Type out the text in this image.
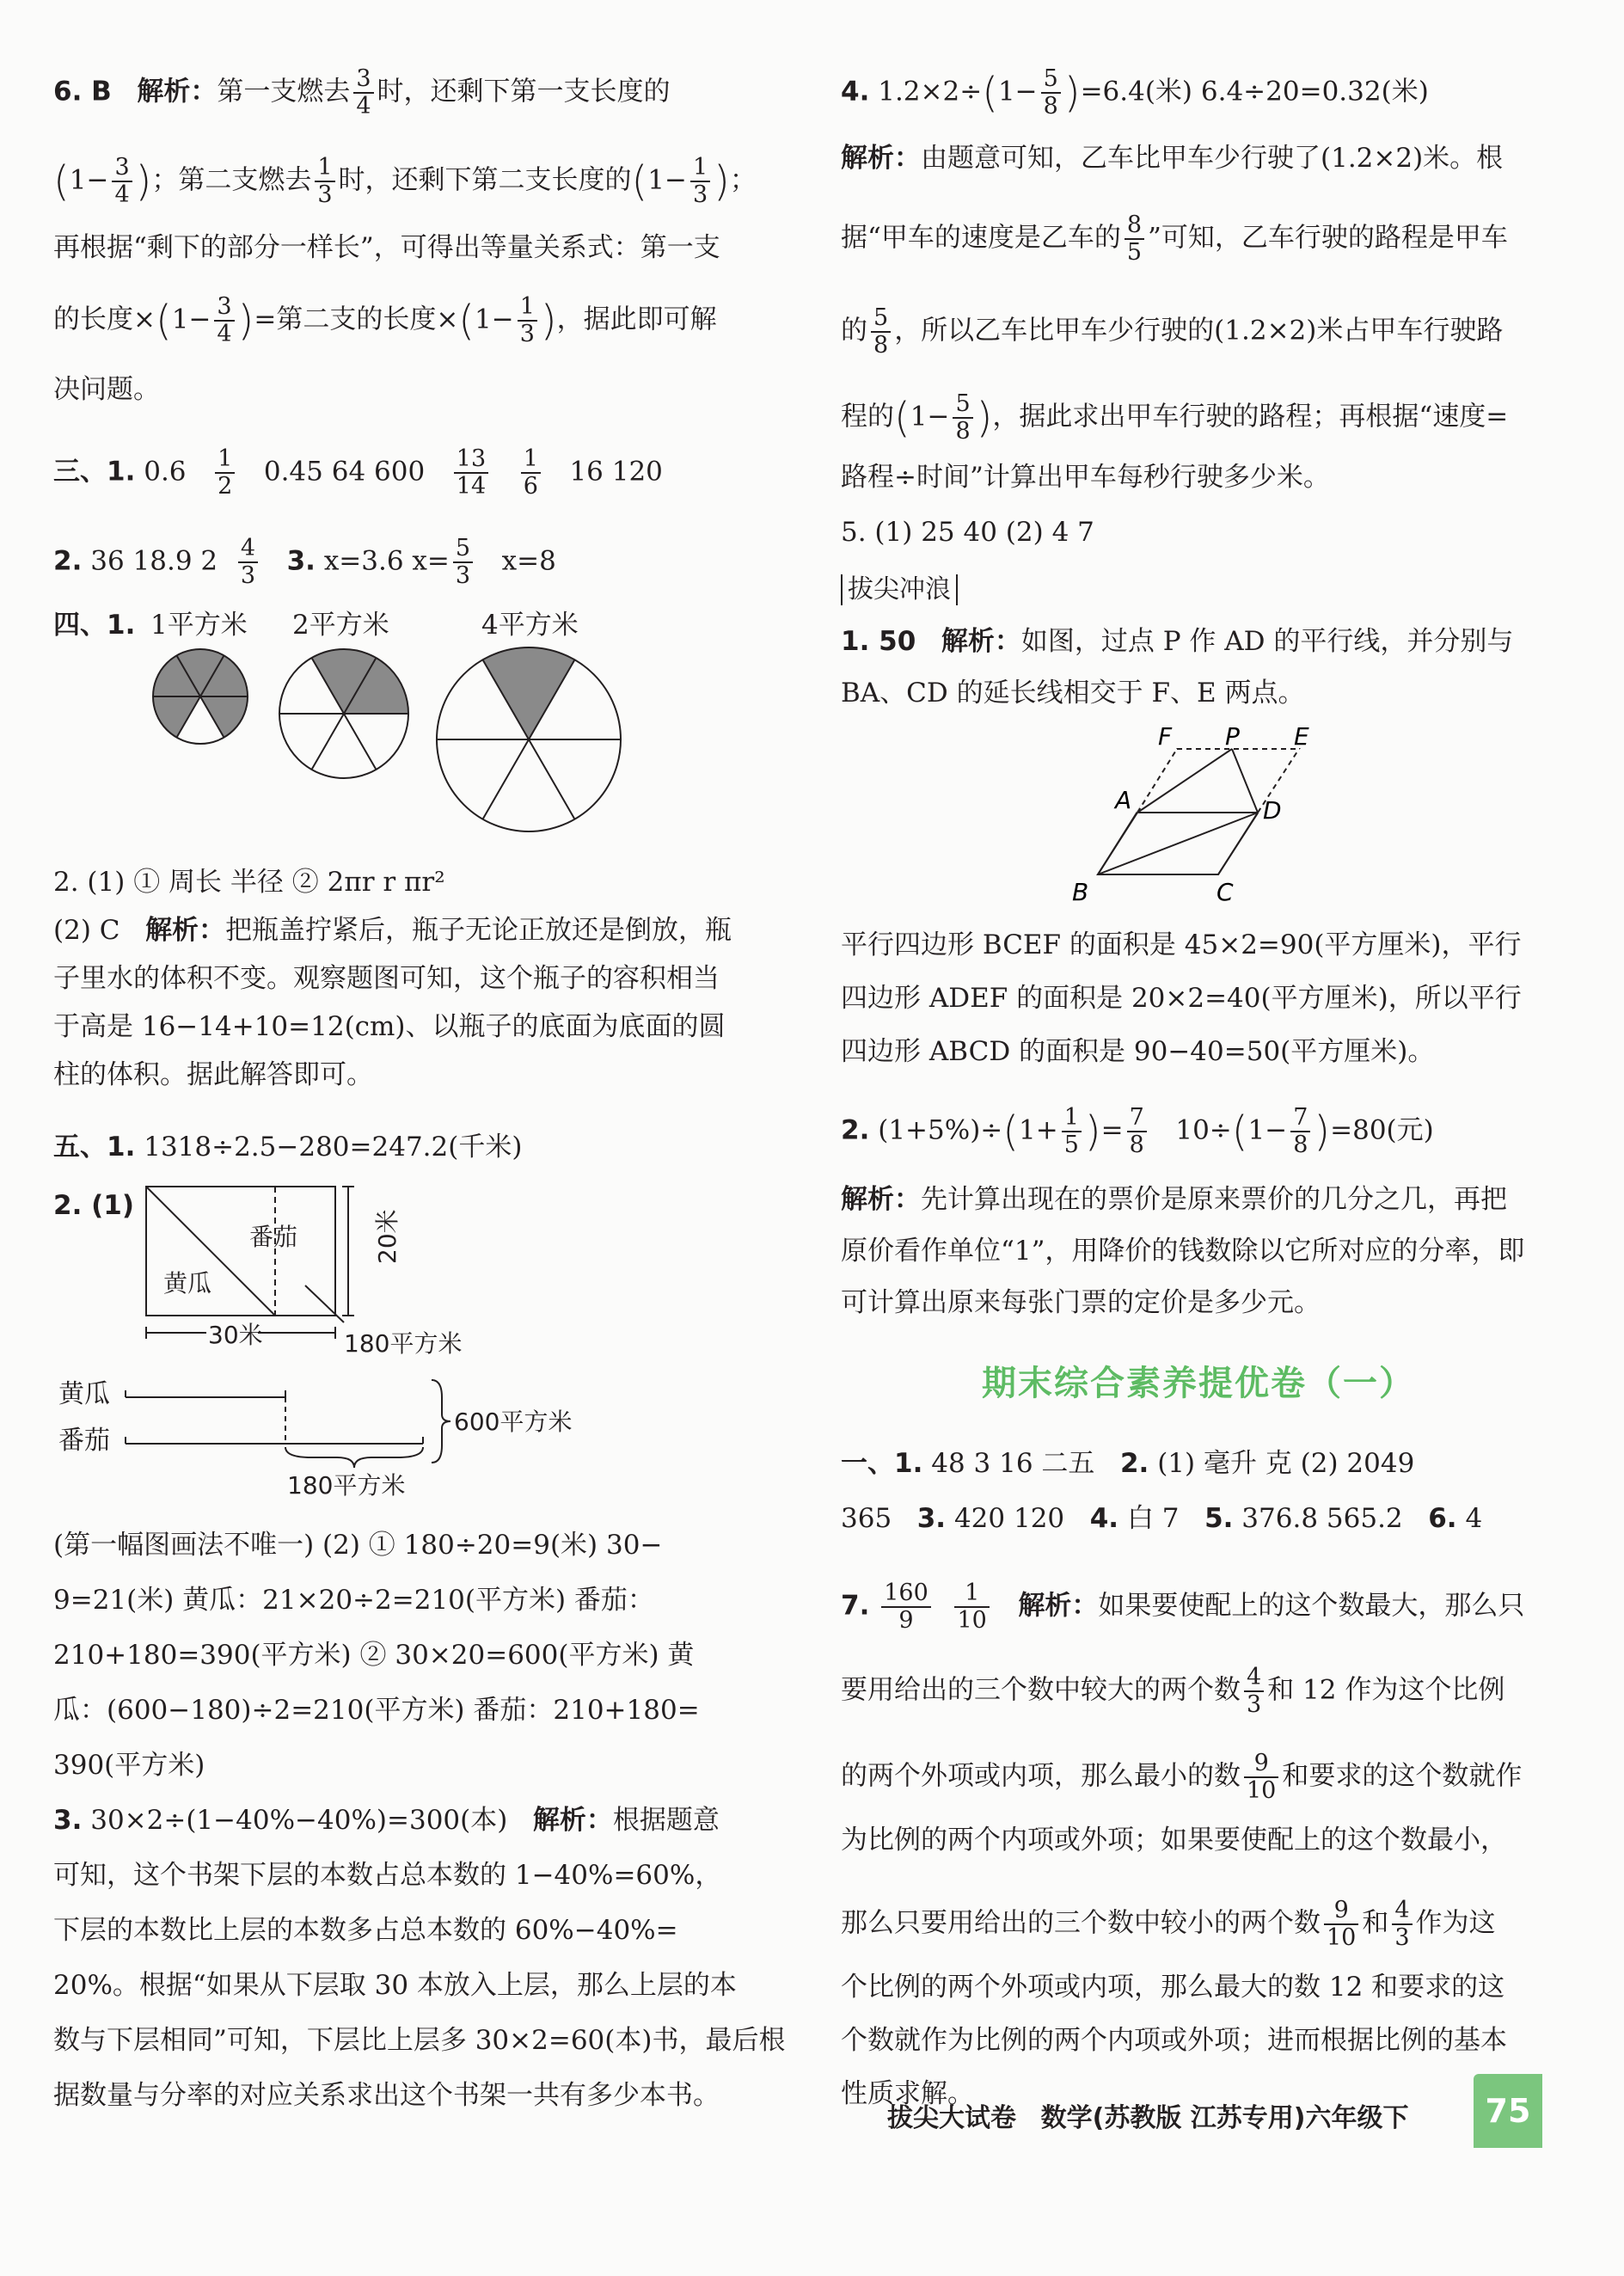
6. B 解析：第一支燃去 $\frac{3}{4}$ 时，还剩下第一支长度的
($1- \frac{3}{4}$ )；第二支燃去 $\frac{1}{3}$ 时，还剩下第二支长度的($1- \frac{1}{3}$ )；
再根据“剩下的部分一样长”，可得出等量关系式：第一支
的长度$\times(1- \frac{3}{4}$ )=第二支的长度$\times(1- \frac{1}{3}$ )，据此即可解
决问题。
三、1. $0.6 \frac{1}{2} 0.45$ 64 $600 \frac{13}{14}$
$\frac{1}{6} 16$ 120
2. 36 18.9 $2 \frac{4}{3} 3$. x=3.6 $x= \frac{5}{3} x=8$
四、1. 1平方米 2平方米	4平方米
2. (1) ① 周长 半径 ② 2πr r πr²
(2) C 解析：把瓶盖拧紧后，瓶子无论正放还是倒放，瓶
子里水的体积不变。观察题图可知，这个瓶子的容积相当
于高是 16−14+10=12(cm)、以瓶子的底面为底面的圆
柱的体积。据此解答即可。
五、1. 1318÷2.5−280=247.2(千米)
2. (1)
番茄
黄瓜
20米
30米	180平方米
黄瓜
番茄
180平方米
600平方米
(第一幅图画法不唯一) (2) ① 180÷20=9(米) 30−
9=21(米) 黄瓜：21×20÷2=210(平方米) 番茄：
210+180=390(平方米) ② 30×20=600(平方米) 黄
瓜：(600−180)÷2=210(平方米) 番茄：210+180=
390(平方米)
3. 30×2÷(1−40%−40%)=300(本) 解析：根据题意
可知，这个书架下层的本数占总本数的 1−40%=60%，
下层的本数比上层的本数多占总本数的 60%−40%=
20%。根据“如果从下层取 30 本放入上层，那么上层的本
数与下层相同”可知，下层比上层多 30×2=60(本)书，最后根
据数量与分率的对应关系求出这个书架一共有多少本书。
4. $1.2\times 2\div(1- \frac{5}{8} )=6.4$(米) 6.4÷20=0.32(米)
解析：由题意可知，乙车比甲车少行驶了(1.2×2)米。根
据“甲车的速度是乙车的 $\frac{8}{5}$ ”可知，乙车行驶的路程是甲车
的 $\frac{5}{8}$ ，所以乙车比甲车少行驶的(1.2×2)米占甲车行驶路
程的($1- \frac{5}{8}$ )，据此求出甲车行驶的路程；再根据“速度=
路程÷时间”计算出甲车每秒行驶多少米。
5. (1) 25 40 (2) 4 7
拔尖冲浪
1. 50 解析：如图，过点 P 作 AD 的平行线，并分别与
BA、CD 的延长线相交于 F、E 两点。
F P E
A	D
B	C
平行四边形 BCEF 的面积是 45×2=90(平方厘米)，平行
四边形 ADEF 的面积是 20×2=40(平方厘米)，所以平行
四边形 ABCD 的面积是 90−40=50(平方厘米)。
2. $(1+5\%)\div(1+ \frac{1}{5}$ )= $\frac{7}{8} 10\div(1- \frac{7}{8} )=80$(元)
解析：先计算出现在的票价是原来票价的几分之几，再把
原价看作单位“1”，用降价的钱数除以它所对应的分率，即
可计算出原来每张门票的定价是多少元。
期末综合素养提优卷（一）
一、1. 48 3 16 二五 2. (1) 毫升 克 (2) 2049
365 3. 420 120 4. 白 7 5. 376.8 565.2 6. 4
7. $\frac{160}{9}$
$\frac{1}{10}$ 解析：如果要使配上的这个数最大，那么只
要用给出的三个数中较大的两个数 $\frac{4}{3}$ 和 12 作为这个比例
的两个外项或内项，那么最小的数 $\frac{9}{10}$ 和要求的这个数就作
为比例的两个内项或外项；如果要使配上的这个数最小，
那么只要用给出的三个数中较小的两个数 $\frac{9}{10}$ 和 $\frac{4}{3}$ 作为这
个比例的两个外项或内项，那么最大的数 12 和要求的这
个数就作为比例的两个内项或外项；进而根据比例的基本
性质求解。
拔尖大试卷 数学(苏教版 江苏专用)六年级下	75
